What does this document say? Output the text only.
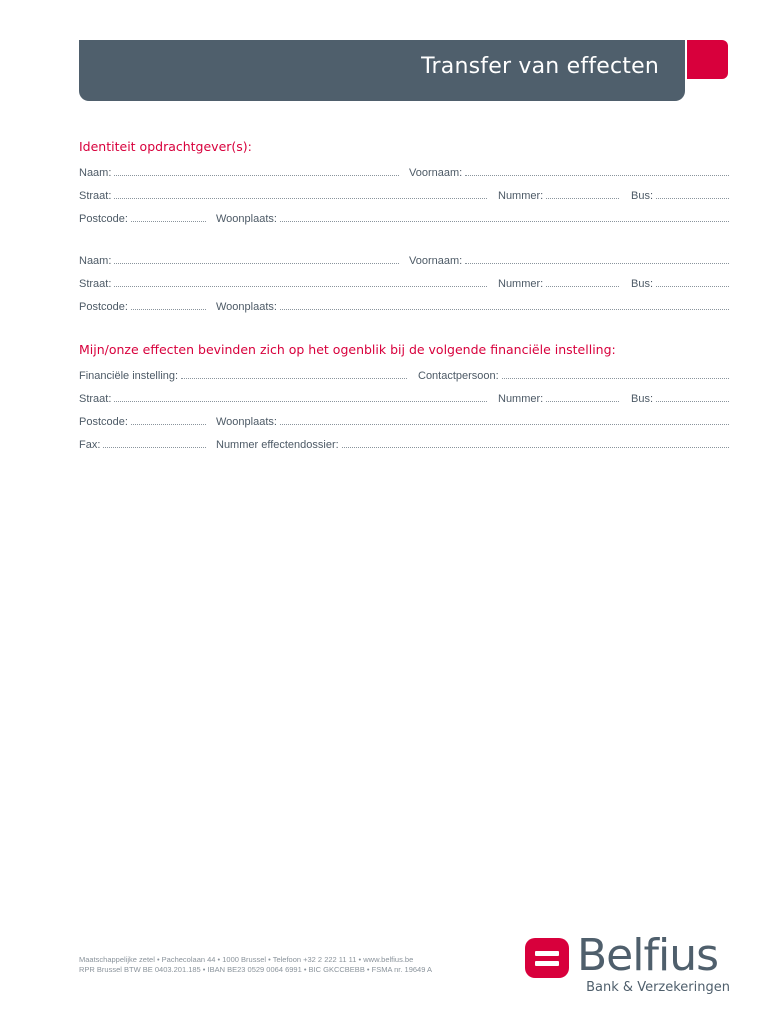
Transfer van effecten
Identiteit opdrachtgever(s):
Naam:	Voornaam:
Straat:	Nummer:	Bus:
Postcode:	Woonplaats:
Naam:	Voornaam:
Straat:	Nummer:	Bus:
Postcode:	Woonplaats:
Mijn/onze effecten bevinden zich op het ogenblik bij de volgende financiële instelling:
Financiële instelling:	Contactpersoon:
Straat:	Nummer:	Bus:
Postcode:	Woonplaats:
Fax:	Nummer effectendossier:
Maatschappelijke zetel • Pachecolaan 44 • 1000 Brussel • Telefoon +32 2 222 11 11 • www.belfius.be
RPR Brussel BTW BE 0403.201.185 • IBAN BE23 0529 0064 6991 • BIC GKCCBEBB • FSMA nr. 19649 A	Belfius
Bank & Verzekeringen
